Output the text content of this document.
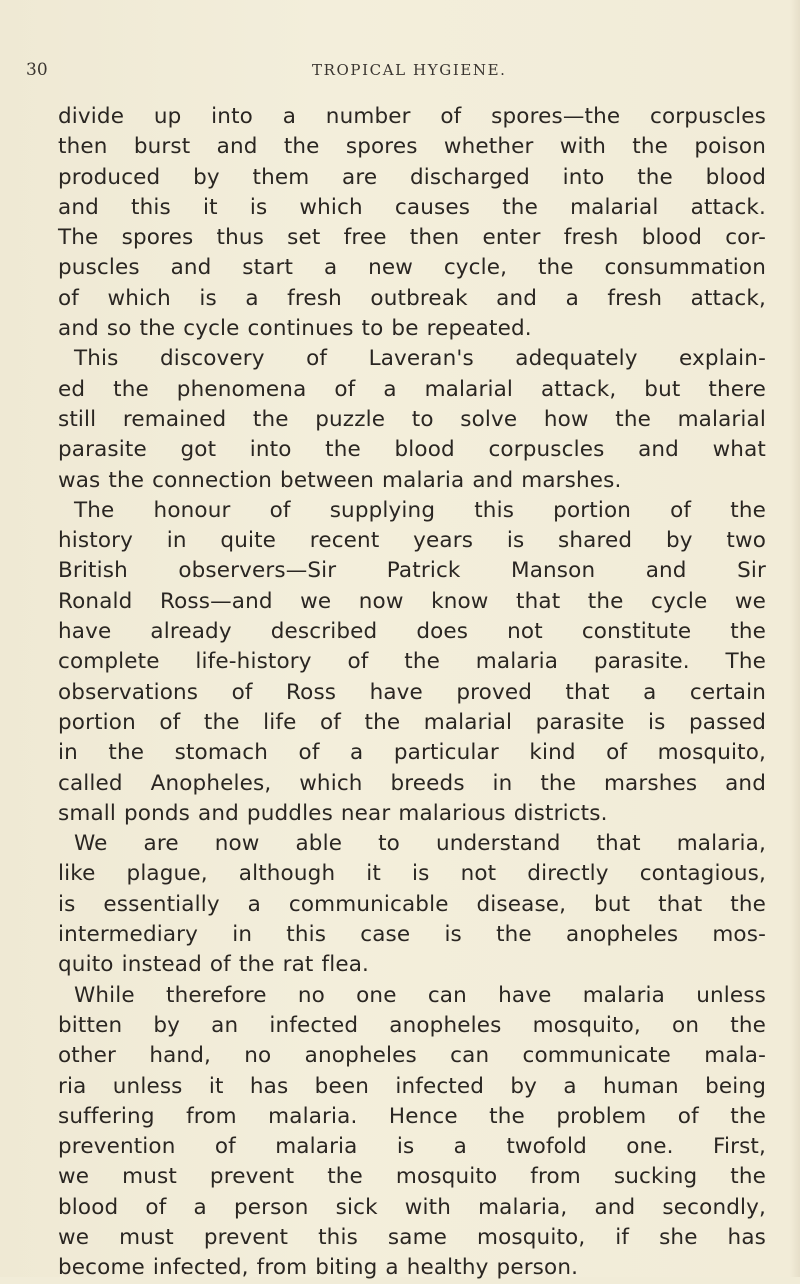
30	TROPICAL HYGIENE.
divide up into a number of spores—the corpuscles
then burst and the spores whether with the poison
produced by them are discharged into the blood
and this it is which causes the malarial attack.
The spores thus set free then enter fresh blood cor-
puscles and start a new cycle, the consummation
of which is a fresh outbreak and a fresh attack,
and so the cycle continues to be repeated.
This discovery of Laveran's adequately explain-
ed the phenomena of a malarial attack, but there
still remained the puzzle to solve how the malarial
parasite got into the blood corpuscles and what
was the connection between malaria and marshes.
The honour of supplying this portion of the
history in quite recent years is shared by two
British observers—Sir Patrick Manson and Sir
Ronald Ross—and we now know that the cycle we
have already described does not constitute the
complete life-history of the malaria parasite. The
observations of Ross have proved that a certain
portion of the life of the malarial parasite is passed
in the stomach of a particular kind of mosquito,
called Anopheles, which breeds in the marshes and
small ponds and puddles near malarious districts.
We are now able to understand that malaria,
like plague, although it is not directly contagious,
is essentially a communicable disease, but that the
intermediary in this case is the anopheles mos-
quito instead of the rat flea.
While therefore no one can have malaria unless
bitten by an infected anopheles mosquito, on the
other hand, no anopheles can communicate mala-
ria unless it has been infected by a human being
suffering from malaria. Hence the problem of the
prevention of malaria is a twofold one. First,
we must prevent the mosquito from sucking the
blood of a person sick with malaria, and secondly,
we must prevent this same mosquito, if she has
become infected, from biting a healthy person.
